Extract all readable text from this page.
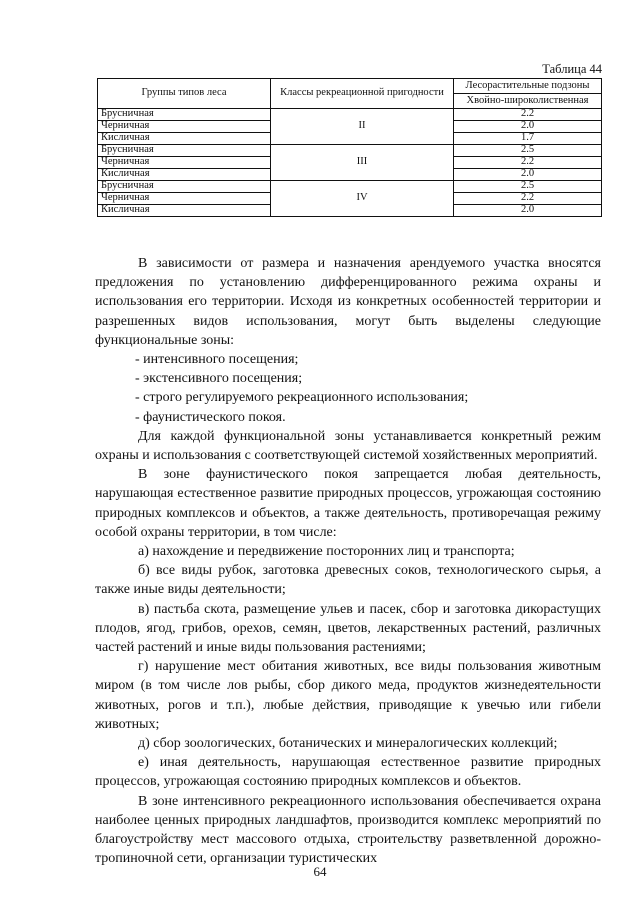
Таблица 44
Группы типов леса	Классы рекреационной пригодности	Лесорастительные подзоны
		Хвойно-широколиственная
Брусничная	II	2.2
Черничная		2.0
Кисличная		1.7
Брусничная	III	2.5
Черничная		2.2
Кисличная		2.0
Брусничная	IV	2.5
Черничная		2.2
Кисличная		2.0

В зависимости от размера и назначения арендуемого участка вносятся предложения по установлению дифференцированного режима охраны и использования его территории. Исходя из конкретных особенностей территории и разрешенных видов использования, могут быть выделены следующие функциональные зоны:

- интенсивного посещения;

- экстенсивного посещения;

- строго регулируемого рекреационного использования;

- фаунистического покоя.

Для каждой функциональной зоны устанавливается конкретный режим охраны и использования с соответствующей системой хозяйственных мероприятий.

В зоне фаунистического покоя запрещается любая деятельность, нарушающая естественное развитие природных процессов, угрожающая состоянию природных комплексов и объектов, а также деятельность, противоречащая режиму особой охраны территории, в том числе:

а) нахождение и передвижение посторонних лиц и транспорта;

б) все виды рубок, заготовка древесных соков, технологического сырья, а также иные виды деятельности;

в) пастьба скота, размещение ульев и пасек, сбор и заготовка дикорастущих плодов, ягод, грибов, орехов, семян, цветов, лекарственных растений, различных частей растений и иные виды пользования растениями;

г) нарушение мест обитания животных, все виды пользования животным миром (в том числе лов рыбы, сбор дикого меда, продуктов жизнедеятельности животных, рогов и т.п.), любые действия, приводящие к увечью или гибели животных;

д) сбор зоологических, ботанических и минералогических коллекций;

е) иная деятельность, нарушающая естественное развитие природных процессов, угрожающая состоянию природных комплексов и объектов.

В зоне интенсивного рекреационного использования обеспечивается охрана наиболее ценных природных ландшафтов, производится комплекс мероприятий по благоустройству мест массового отдыха, строительству разветвленной дорожно-тропиночной сети, организации туристических

64
